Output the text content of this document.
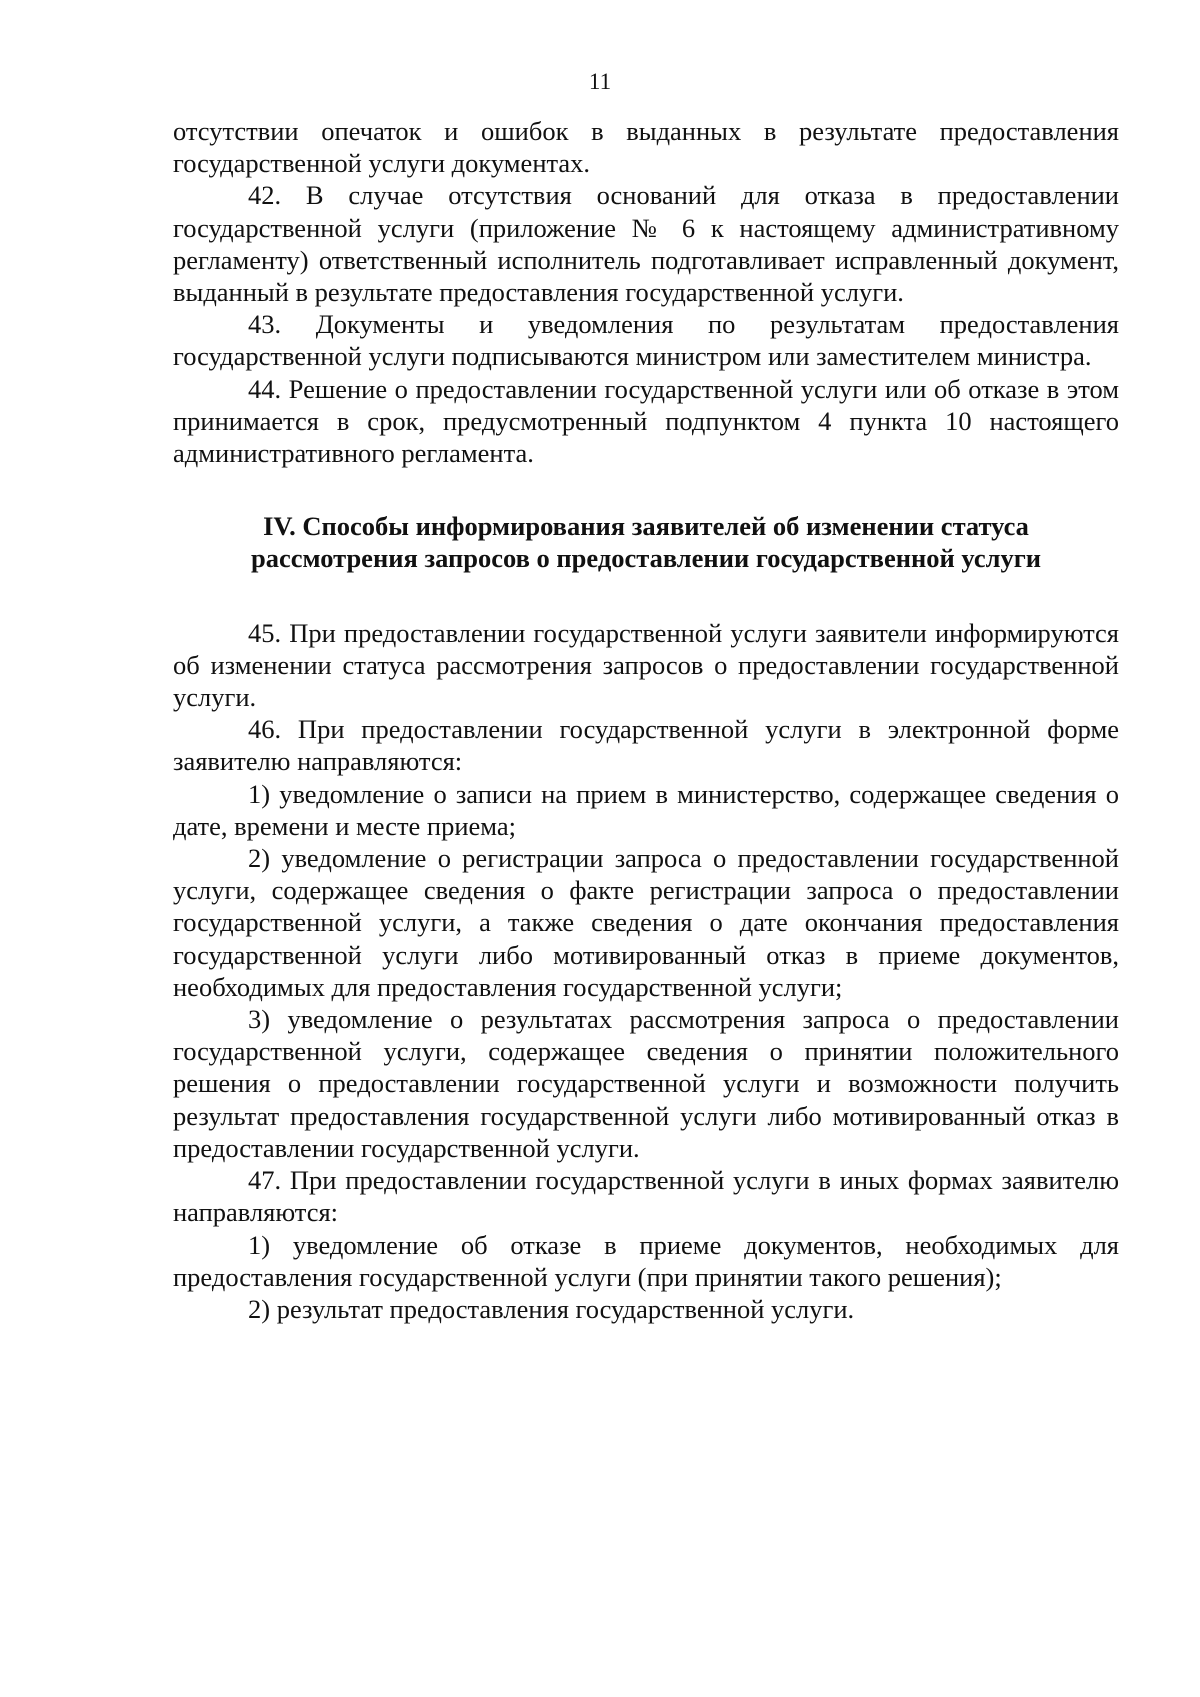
11

отсутствии опечаток и ошибок в выданных в результате предоставления государственной услуги документах.

42. В случае отсутствия оснований для отказа в предоставлении государственной услуги (приложение № 6 к настоящему административному регламенту) ответственный исполнитель подготавливает исправленный документ, выданный в результате предоставления государственной услуги.

43. Документы и уведомления по результатам предоставления государственной услуги подписываются министром или заместителем министра.

44. Решение о предоставлении государственной услуги или об отказе в этом принимается в срок, предусмотренный подпунктом 4 пункта 10 настоящего административного регламента.

IV. Способы информирования заявителей об изменении статуса
рассмотрения запросов о предоставлении государственной услуги

45. При предоставлении государственной услуги заявители информируются об изменении статуса рассмотрения запросов о предоставлении государственной услуги.

46. При предоставлении государственной услуги в электронной форме заявителю направляются:

1) уведомление о записи на прием в министерство, содержащее сведения о дате, времени и месте приема;

2) уведомление о регистрации запроса о предоставлении государственной услуги, содержащее сведения о факте регистрации запроса о предоставлении государственной услуги, а также сведения о дате окончания предоставления государственной услуги либо мотивированный отказ в приеме документов, необходимых для предоставления государственной услуги;

3) уведомление о результатах рассмотрения запроса о предоставлении государственной услуги, содержащее сведения о принятии положительного решения о предоставлении государственной услуги и возможности получить результат предоставления государственной услуги либо мотивированный отказ в предоставлении государственной услуги.

47. При предоставлении государственной услуги в иных формах заявителю направляются:

1) уведомление об отказе в приеме документов, необходимых для предоставления государственной услуги (при принятии такого решения);

2) результат предоставления государственной услуги.
